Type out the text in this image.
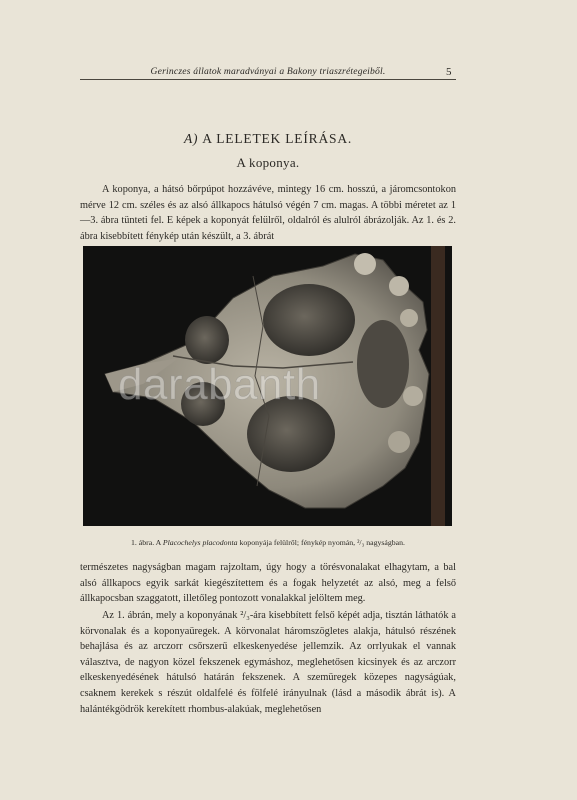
Gerinczes állatok maradványai a Bakony triaszrétegeiből.	5
A) A LELETEK LEÍRÁSA.
A koponya.

A koponya, a hátsó bőrpúpot hozzávéve, mintegy 16 cm. hosszú, a járomcsontokon mérve 12 cm. széles és az alsó állkapocs hátulsó végén 7 cm. magas. A többi méretet az 1—3. ábra tünteti fel. E képek a koponyát felülről, oldalról és alulról ábrázolják. Az 1. és 2. ábra kisebbített fénykép után készült, a 3. ábrát

darabanth
1. ábra. A Placochelys placodonta koponyája felülről; fénykép nyomán, ²/₃ nagyságban.

természetes nagyságban magam rajzoltam, úgy hogy a törésvonalakat elhagytam, a bal alsó állkapocs egyik sarkát kiegészítettem és a fogak helyzetét az alsó, meg a felső állkapocsban szaggatott, illetőleg pontozott vonalakkal jelöltem meg.

Az 1. ábrán, mely a koponyának ²/₃-ára kisebbített felső képét adja, tisztán láthatók a körvonalak és a koponyaüregek. A körvonalat háromszögletes alakja, hátulsó részének behajlása és az arczorr csőrszerű elkeskenyedése jellemzik. Az orrlyukak el vannak választva, de nagyon közel fekszenek egymáshoz, meglehetősen kicsinyek és az arczorr elkeskenyedésének hátulsó határán fekszenek. A szemüregek közepes nagyságúak, csaknem kerekek s részút oldalfelé és fölfelé irányulnak (lásd a második ábrát is). A halántékgödrök kerekített rhombus-alakúak, meglehetősen
